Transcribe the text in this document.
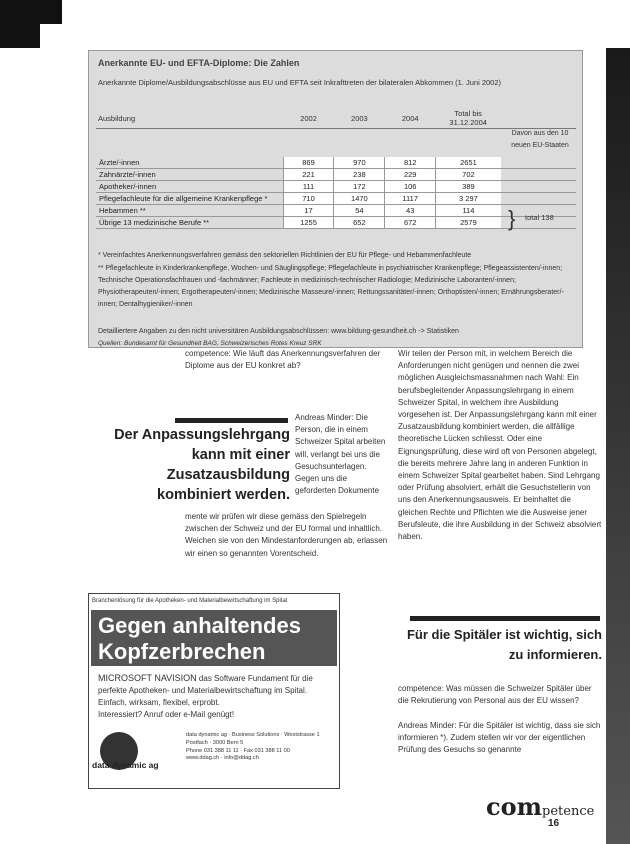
Anerkannte EU- und EFTA-Diplome: Die Zahlen
Anerkannte Diplome/Ausbildungsabschlüsse aus EU und EFTA seit Inkrafttreten der bilateralen Abkommen (1. Juni 2002)
Ausbildung	2002	2003	2004	Total bis 31.12.2004	

Ärzte/-innen	869	970	812	2651	
Zahnärzte/-innen	221	238	229	702	
Apotheker/-innen	111	172	106	389	
Pflegefachleute für die allgemeine Krankenpflege *	710	1470	1117	3 297	
Hebammen **	17	54	43	114	
Übrige 13 medizinische Berufe **	1255	652	672	2579	
Davon aus den 10 neuen EU-Staaten
} total 138
* Vereinfachtes Anerkennungsverfahren gemäss den sektoriellen Richtlinien der EU für Pflege- und Hebammenfachleute
** Pflegefachleute in Kinderkrankenpflege, Wochen- und Säuglingspflege; Pflegefachleute in psychiatrischer Krankenpflege; Pflegeassistenten/-innen; Technische Operationsfachfrauen und -fachmänner; Fachleute in medizinisch-technischer Radiologie; Medizinische Laboranten/-innen; Physiotherapeuten/-innen; Ergotherapeuten/-innen; Medizinische Masseure/-innen; Rettungssanitäter/-innen; Orthoptisten/-innen; Ernährungsberater/-innen; Dentalhygieniker/-innen
Detailliertere Angaben zu den nicht universitären Ausbildungsabschlüssen: www.bildung-gesundheit.ch -> Statistiken
Quellen: Bundesamt für Gesundheit BAG, Schweizerisches Rotes Kreuz SRK
competence: Wie läuft das Anerkennungsverfahren der Diplome aus der EU konkret ab?
Der Anpassungslehrgang kann mit einer Zusatzausbildung kombiniert werden.
Andreas Minder: Die Person, die in einem Schweizer Spital arbeiten will, verlangt bei uns die Gesuchsunterlagen. Gegen uns die geforderten Dokumente
mente wir prüfen wir diese gemäss den Spielregeln zwischen der Schweiz und der EU formal und inhaltlich. Weichen sie von den Mindestanforderungen ab, erlassen wir einen so genannten Vorentscheid.
Wir teilen der Person mit, in welchem Bereich die Anforderungen nicht genügen und nennen die zwei möglichen Ausgleichsmassnahmen nach Wahl: Ein berufsbegleitender Anpassungslehrgang in einem Schweizer Spital, in welchem ihre Ausbildung vorgesehen ist. Der Anpassungslehrgang kann mit einer Zusatzausbildung kombiniert werden, die allfällige theoretische Lücken schliesst. Oder eine Eignungsprüfung, diese wird oft von Personen abgelegt, die bereits mehrere Jahre lang in anderen Funktion in einem Schweizer Spital gearbeitet haben. Sind Lehrgang oder Prüfung absolviert, erhält die Gesuchstellerin von uns den Anerkennungsausweis. Er beinhaltet die gleichen Rechte und Pflichten wie die Ausweise jener Berufsleute, die ihre Ausbildung in der Schweiz absolviert haben.
Für die Spitäler ist wichtig, sich zu informieren.
competence: Was müssen die Schweizer Spitäler über die Rekrutierung von Personal aus der EU wissen?

Andreas Minder: Für die Spitäler ist wichtig, dass sie sich informieren *). Zudem stellen wir vor der eigentlichen Prüfung des Gesuchs so genannte
Branchenlösung für die Apotheken- und Materialbewirtschaftung im Spital
Gegen anhaltendes Kopfzerbrechen
MICROSOFT NAVISION das Software Fundament für die perfekte Apotheken- und Materialbewirtschaftung im Spital. Einfach, wirksam, flexibel, erprobt.
Interessiert? Anruf oder e-Mail genügt!
data dynamic ag
data dynamic ag · Business Solutions · Weststrasse 1
Postfach · 3000 Bern 5
Phone 031 388 11 11 · Fax 031 388 11 00
www.ddag.ch · info@ddag.ch
competence
16
